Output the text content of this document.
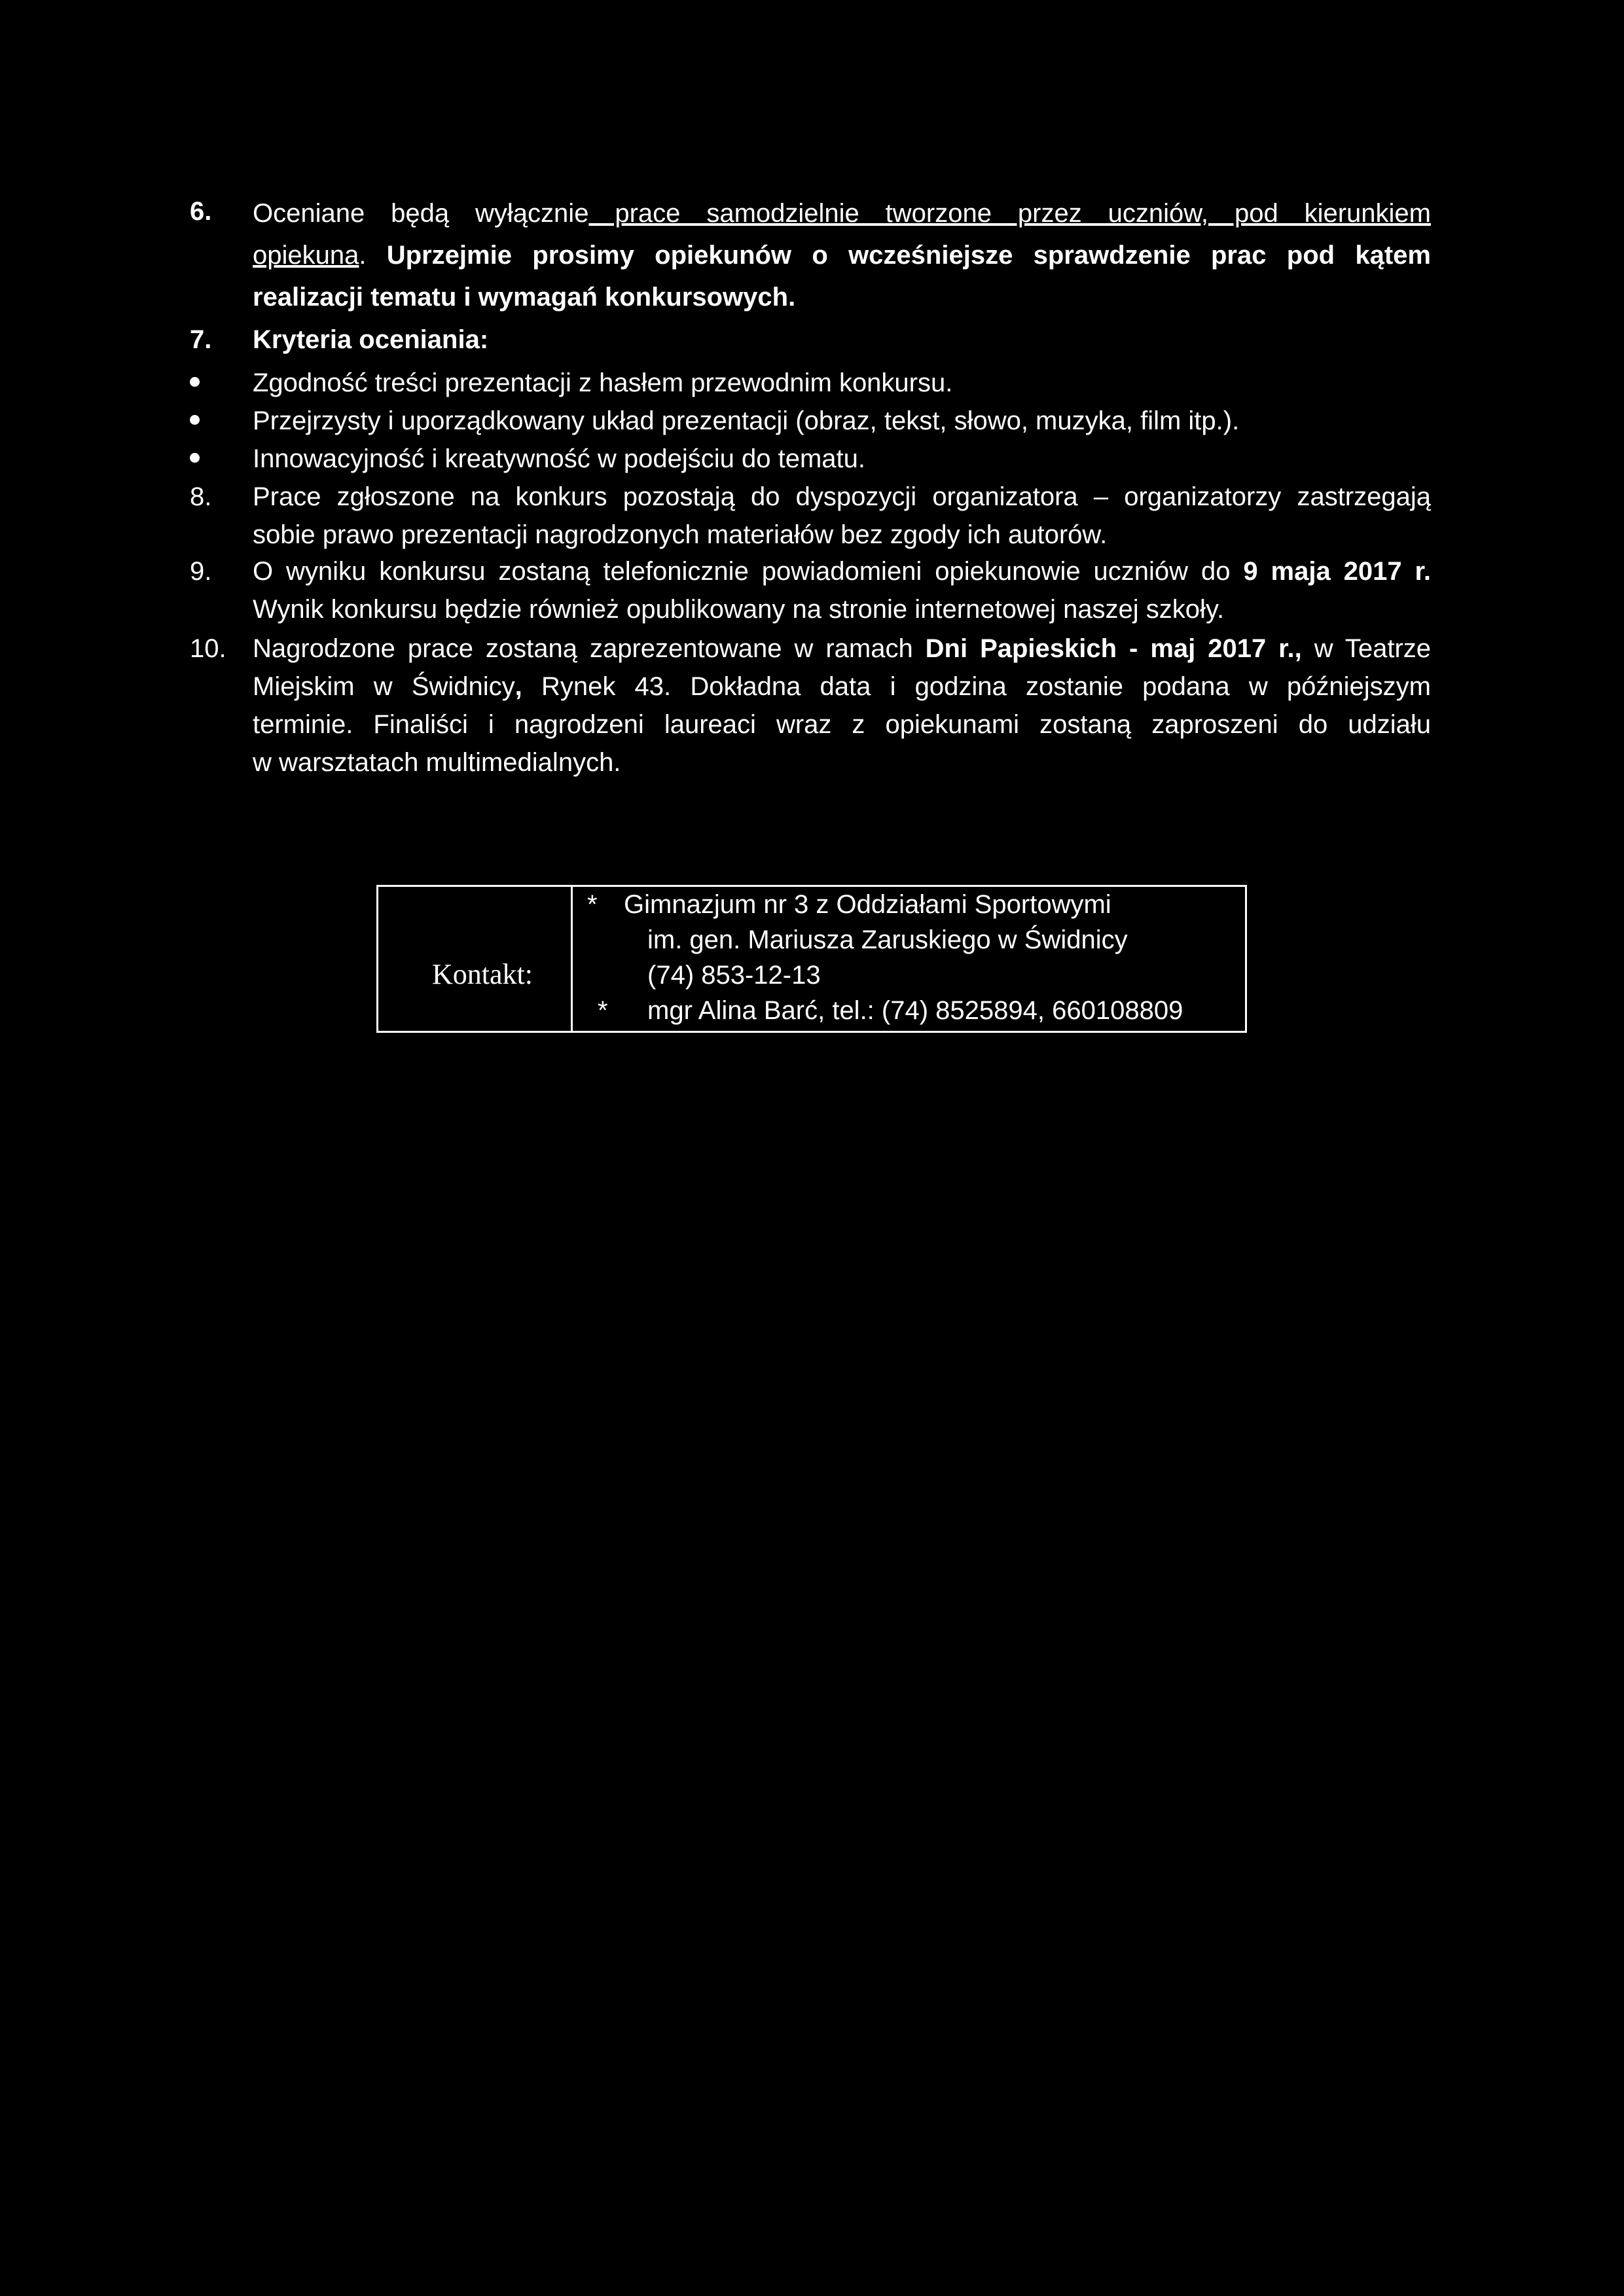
6.	Oceniane będą wyłącznie prace samodzielnie tworzone przez uczniów, pod kierunkiem
opiekuna. Uprzejmie prosimy opiekunów o wcześniejsze sprawdzenie prac pod kątem
realizacji tematu i wymagań konkursowych.
7.	Kryteria oceniania:
Zgodność treści prezentacji z hasłem przewodnim konkursu.
Przejrzysty i uporządkowany układ prezentacji (obraz, tekst, słowo, muzyka, film itp.).
Innowacyjność i kreatywność w podejściu do tematu.
8.	Prace zgłoszone na konkurs pozostają do dyspozycji organizatora – organizatorzy zastrzegają
sobie prawo prezentacji nagrodzonych materiałów bez zgody ich autorów.
9.	O wyniku konkursu zostaną telefonicznie powiadomieni opiekunowie uczniów do 9 maja 2017 r.
Wynik konkursu będzie również opublikowany na stronie internetowej naszej szkoły.
10.	Nagrodzone prace zostaną zaprezentowane w ramach Dni Papieskich - maj 2017 r., w Teatrze
Miejskim w Świdnicy, Rynek 43. Dokładna data i godzina zostanie podana w późniejszym
terminie. Finaliści i nagrodzeni laureaci wraz z opiekunami zostaną zaproszeni do udziału
w warsztatach multimedialnych.
Kontakt:
* Gimnazjum nr 3 z Oddziałami Sportowymi
im. gen. Mariusza Zaruskiego w Świdnicy
(74) 853-12-13
* mgr Alina Barć, tel.: (74) 8525894, 660108809
